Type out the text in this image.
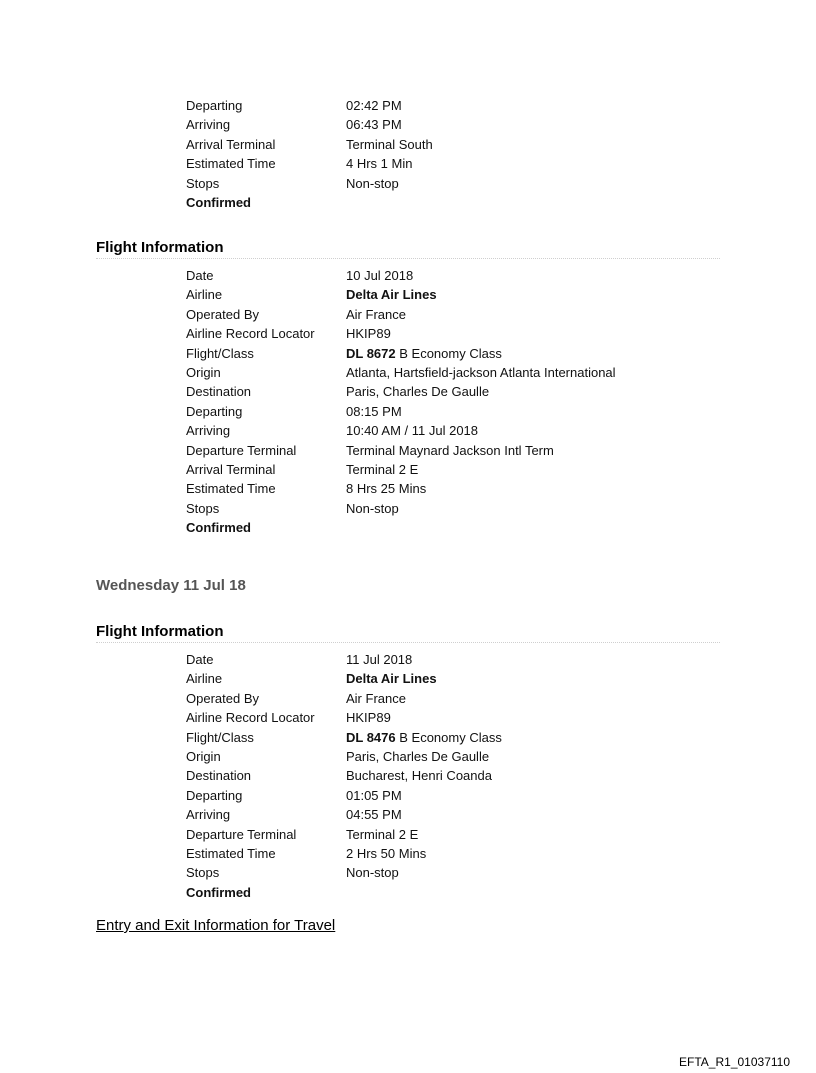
Departing	02:42 PM
Arriving	06:43 PM
Arrival Terminal	Terminal South
Estimated Time	4 Hrs 1 Min
Stops	Non-stop
Confirmed
Flight Information
Date	10 Jul 2018
Airline	Delta Air Lines
Operated By	Air France
Airline Record Locator HKIP89
Flight/Class	DL 8672 B Economy Class
Origin	Atlanta, Hartsfield-jackson Atlanta International
Destination	Paris, Charles De Gaulle
Departing	08:15 PM
Arriving	10:40 AM / 11 Jul 2018
Departure Terminal	Terminal Maynard Jackson Intl Term
Arrival Terminal	Terminal 2 E
Estimated Time	8 Hrs 25 Mins
Stops	Non-stop
Confirmed
Wednesday 11 Jul 18
Flight Information
Date	11 Jul 2018
Airline	Delta Air Lines
Operated By	Air France
Airline Record Locator HKIP89
Flight/Class	DL 8476 B Economy Class
Origin	Paris, Charles De Gaulle
Destination	Bucharest, Henri Coanda
Departing	01:05 PM
Arriving	04:55 PM
Departure Terminal	Terminal 2 E
Estimated Time	2 Hrs 50 Mins
Stops	Non-stop
Confirmed
Entry and Exit Information for Travel
EFTA_R1_01037110
